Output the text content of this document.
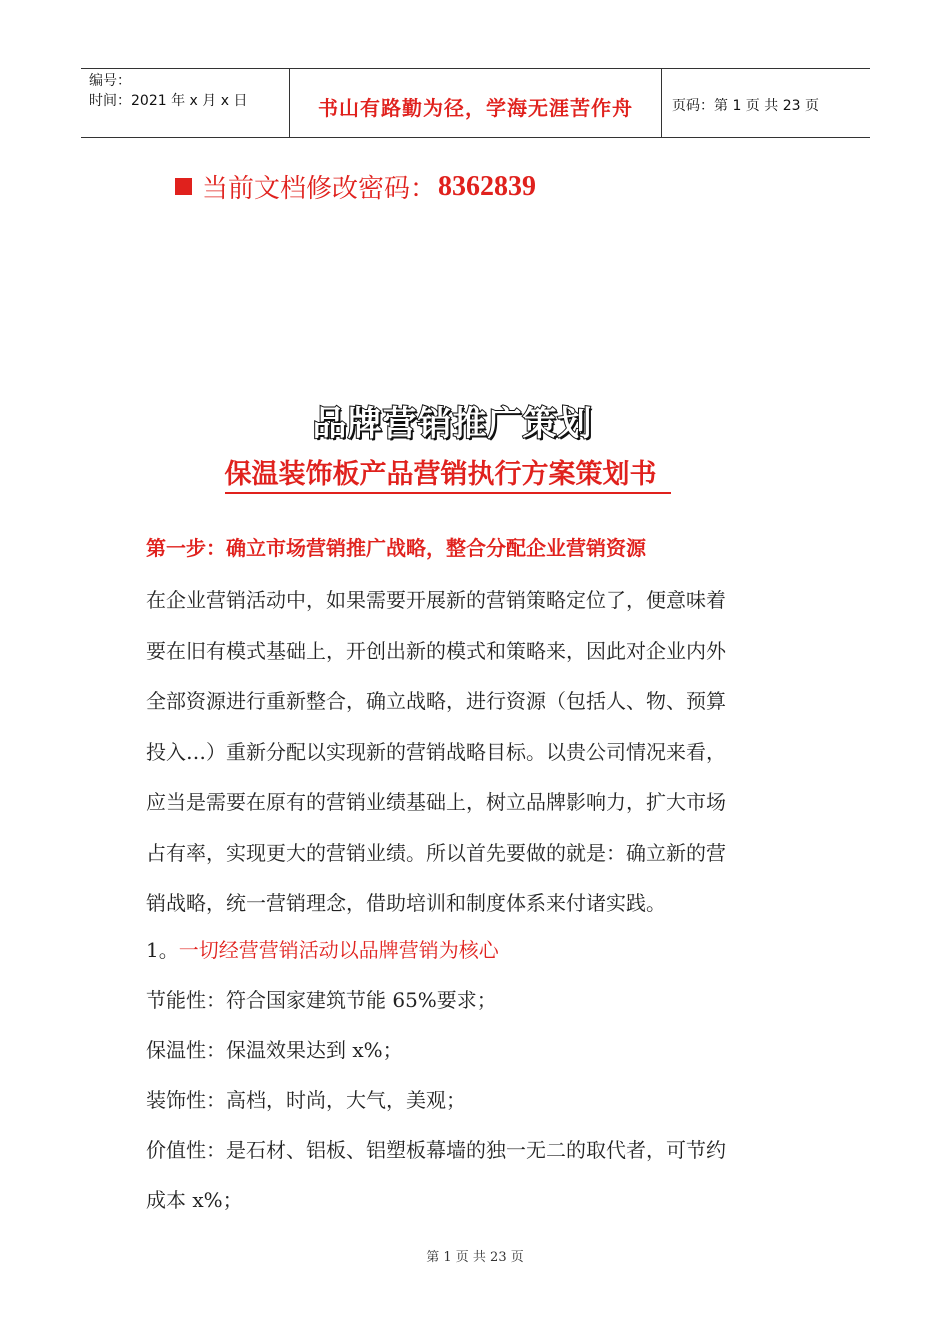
编号：
时间：2021 年 x 月 x 日	书山有路勤为径，学海无涯苦作舟	页码：第 1 页 共 23 页
当前文档修改密码： 8362839
品牌营销推广策划
保温装饰板产品营销执行方案策划书
第一步：确立市场营销推广战略，整合分配企业营销资源

在企业营销活动中，如果需要开展新的营销策略定位了，便意味着
要在旧有模式基础上，开创出新的模式和策略来，因此对企业内外
全部资源进行重新整合，确立战略，进行资源（包括人、物、预算
投入…）重新分配以实现新的营销战略目标。以贵公司情况来看，
应当是需要在原有的营销业绩基础上，树立品牌影响力，扩大市场
占有率，实现更大的营销业绩。所以首先要做的就是：确立新的营
销战略，统一营销理念，借助培训和制度体系来付诸实践。

1。一切经营营销活动以品牌营销为核心
节能性：符合国家建筑节能 65%要求；
保温性：保温效果达到 x%；
装饰性：高档，时尚，大气，美观；
价值性：是石材、铝板、铝塑板幕墙的独一无二的取代者，可节约
成本 x%；
第 1 页 共 23 页
